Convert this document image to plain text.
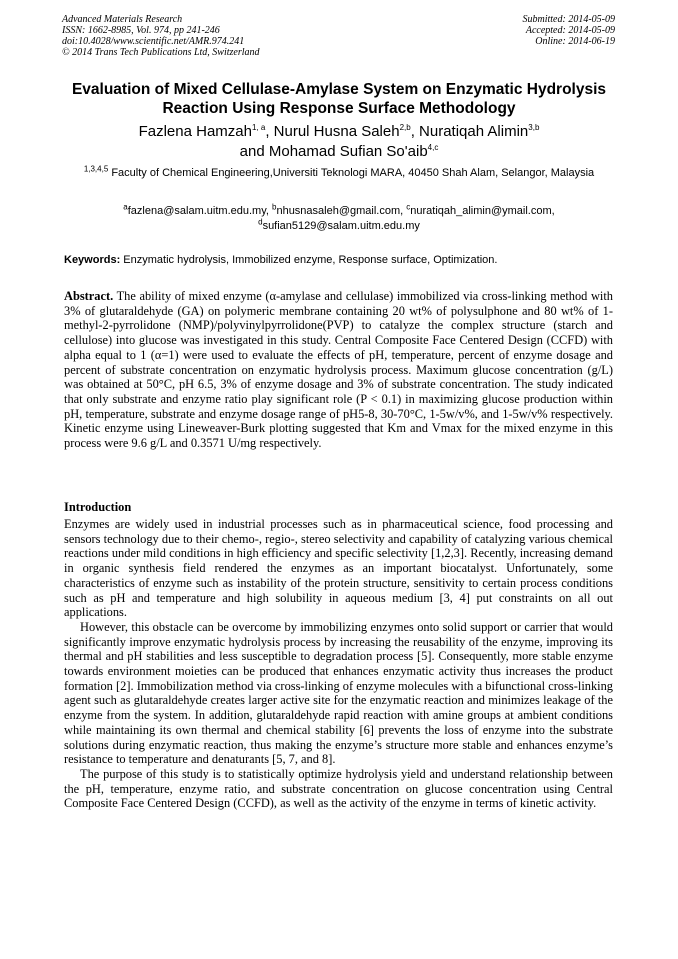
Advanced Materials Research
ISSN: 1662-8985, Vol. 974, pp 241-246
doi:10.4028/www.scientific.net/AMR.974.241
© 2014 Trans Tech Publications Ltd, Switzerland
Submitted: 2014-05-09
Accepted: 2014-05-09
Online: 2014-06-19
Evaluation of Mixed Cellulase-Amylase System on Enzymatic Hydrolysis Reaction Using Response Surface Methodology
Fazlena Hamzah$^{1, a}$, Nurul Husna Saleh$^{2,b}$, Nuratiqah Alimin$^{3,b}$
and Mohamad Sufian So'aib$^{4,c}$
$^{1,3,4,5}$ Faculty of Chemical Engineering,Universiti Teknologi MARA, 40450 Shah Alam, Selangor, Malaysia
$^a$fazlena@salam.uitm.edu.my, $^b$nhusnasaleh@gmail.com, $^c$nuratiqah_alimin@ymail.com,
$^d$sufian5129@salam.uitm.edu.my
Keywords: Enzymatic hydrolysis, Immobilized enzyme, Response surface, Optimization.
Abstract. The ability of mixed enzyme (α-amylase and cellulase) immobilized via cross-linking method with 3% of glutaraldehyde (GA) on polymeric membrane containing 20 wt% of polysulphone and 80 wt% of 1-methyl-2-pyrrolidone (NMP)/polyvinylpyrrolidone(PVP) to catalyze the complex structure (starch and cellulose) into glucose was investigated in this study. Central Composite Face Centered Design (CCFD) with alpha equal to 1 (α=1) were used to evaluate the effects of pH, temperature, percent of enzyme dosage and percent of substrate concentration on enzymatic hydrolysis process. Maximum glucose concentration (g/L) was obtained at 50°C, pH 6.5, 3% of enzyme dosage and 3% of substrate concentration. The study indicated that only substrate and enzyme ratio play significant role (P < 0.1) in maximizing glucose production within pH, temperature, substrate and enzyme dosage range of pH5-8, 30-70°C, 1-5w/v%, and 1-5w/v% respectively. Kinetic enzyme using Lineweaver-Burk plotting suggested that Km and Vmax for the mixed enzyme in this process were 9.6 g/L and 0.3571 U/mg respectively.
Introduction

Enzymes are widely used in industrial processes such as in pharmaceutical science, food processing and sensors technology due to their chemo-, regio-, stereo selectivity and capability of catalyzing various chemical reactions under mild conditions in high efficiency and specific selectivity [1,2,3]. Recently, increasing demand in organic synthesis field rendered the enzymes as an important biocatalyst. Unfortunately, some characteristics of enzyme such as instability of the protein structure, sensitivity to certain process conditions such as pH and temperature and high solubility in aqueous medium [3, 4] put constraints on all out applications.

However, this obstacle can be overcome by immobilizing enzymes onto solid support or carrier that would significantly improve enzymatic hydrolysis process by increasing the reusability of the enzyme, improving its thermal and pH stabilities and less susceptible to degradation process [5]. Consequently, more stable enzyme towards environment moieties can be produced that enhances enzymatic activity thus increases the product formation [2]. Immobilization method via cross-linking of enzyme molecules with a bifunctional cross-linking agent such as glutaraldehyde creates larger active site for the enzymatic reaction and minimizes leakage of the enzyme from the system. In addition, glutaraldehyde rapid reaction with amine groups at ambient conditions while maintaining its own thermal and chemical stability [6] prevents the loss of enzyme into the substrate solutions during enzymatic reaction, thus making the enzyme’s structure more stable and enhances enzyme’s resistance to temperature and denaturants [5, 7, and 8].

The purpose of this study is to statistically optimize hydrolysis yield and understand relationship between the pH, temperature, enzyme ratio, and substrate concentration on glucose concentration using Central Composite Face Centered Design (CCFD), as well as the activity of the enzyme in terms of kinetic activity.
